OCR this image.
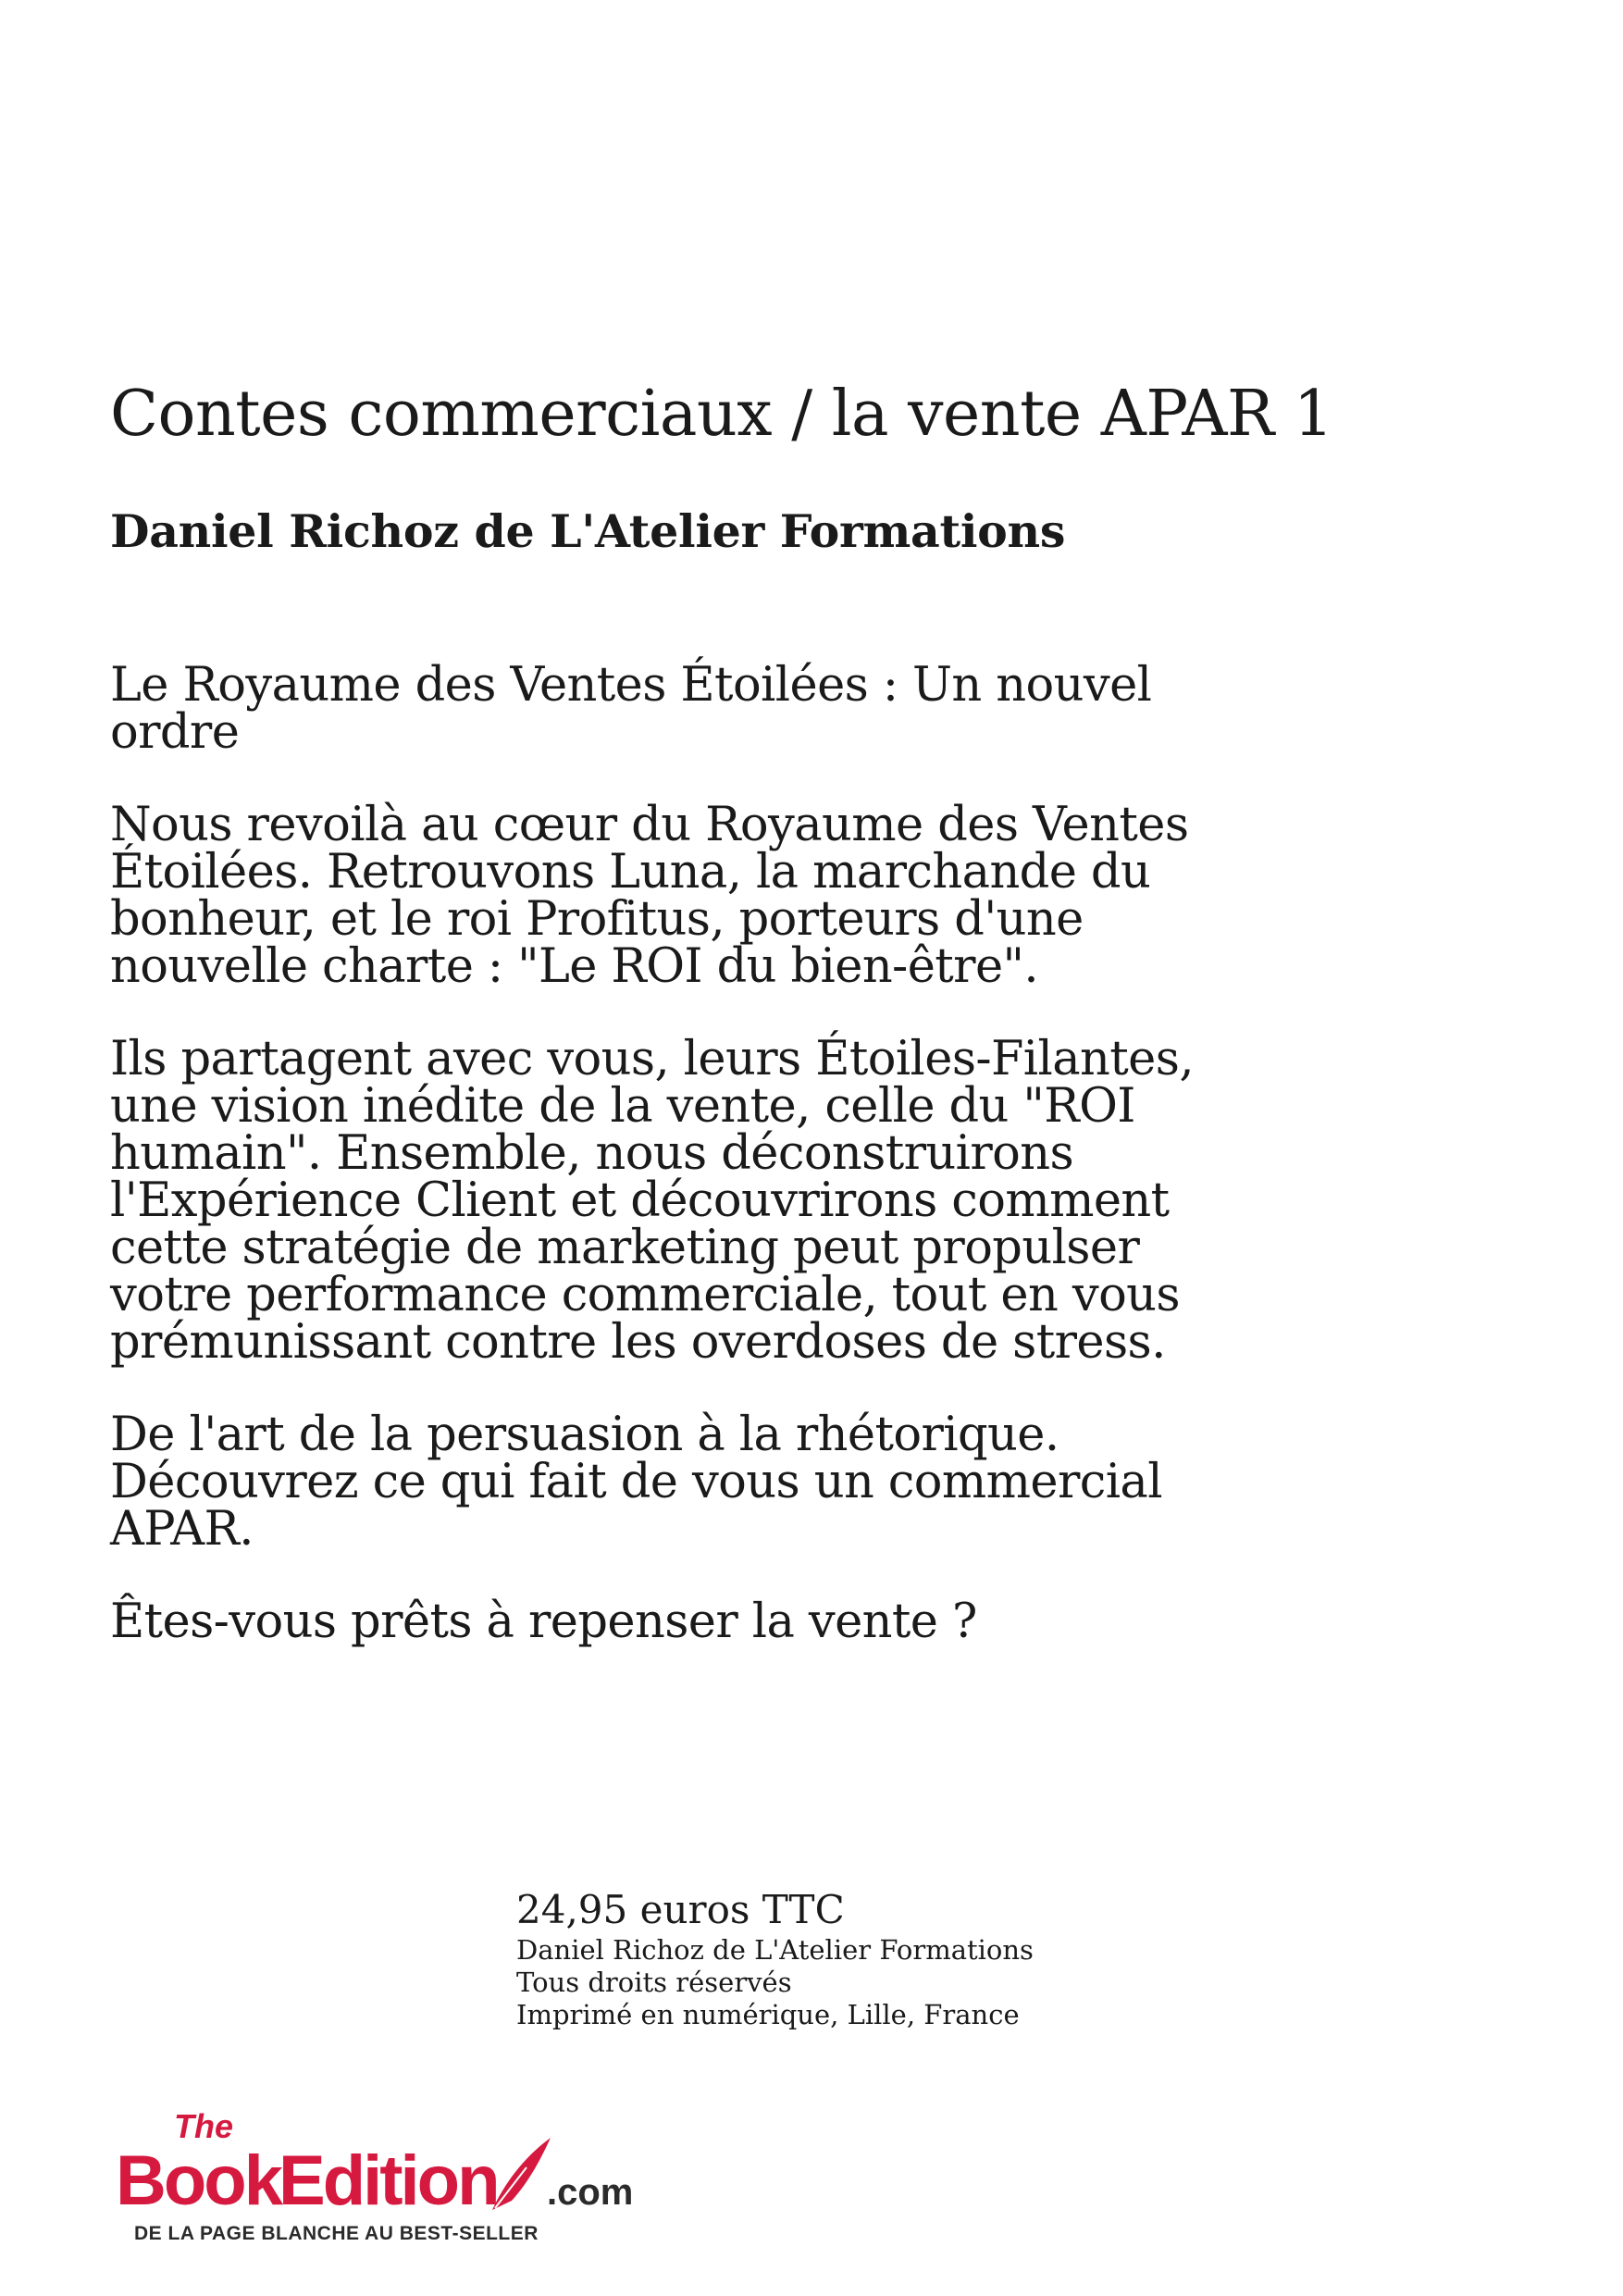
Contes commerciaux / la vente APAR 1
Daniel Richoz de L'Atelier Formations

Le Royaume des Ventes Étoilées : Un nouvel
ordre

Nous revoilà au cœur du Royaume des Ventes
Étoilées. Retrouvons Luna, la marchande du
bonheur, et le roi Profitus, porteurs d'une
nouvelle charte : "Le ROI du bien-être".

Ils partagent avec vous, leurs Étoiles-Filantes,
une vision inédite de la vente, celle du "ROI
humain". Ensemble, nous déconstruirons
l'Expérience Client et découvrirons comment
cette stratégie de marketing peut propulser
votre performance commerciale, tout en vous
prémunissant contre les overdoses de stress.

De l'art de la persuasion à la rhétorique.
Découvrez ce qui fait de vous un commercial
APAR.

Êtes-vous prêts à repenser la vente ?

24,95 euros TTC

Daniel Richoz de L'Atelier Formations

Tous droits réservés

Imprimé en numérique, Lille, France

The
Book
Edition .com
DE LA PAGE BLANCHE AU BEST-SELLER
